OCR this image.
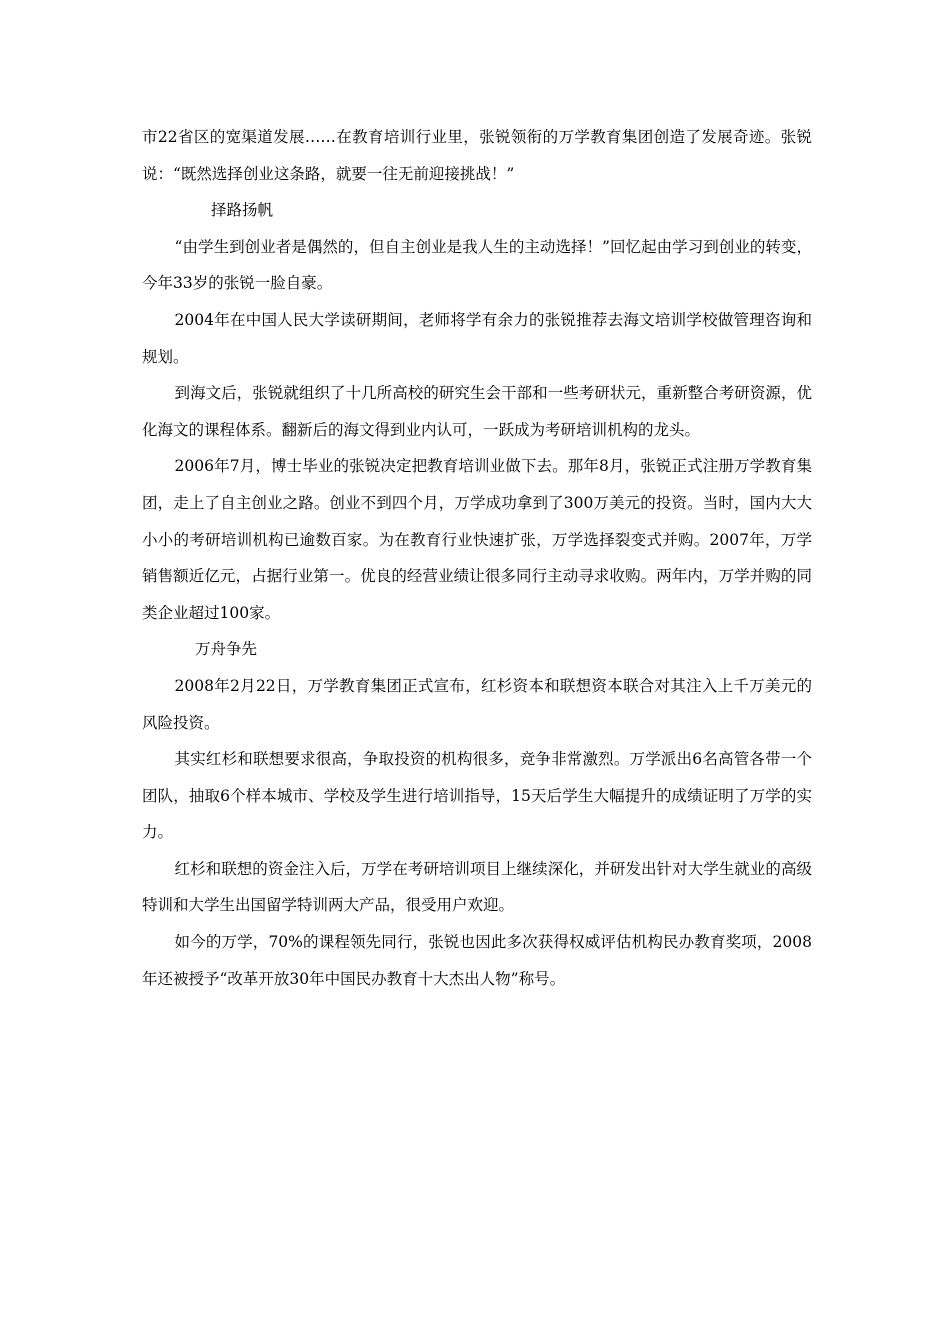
市22省区的宽渠道发展……在教育培训行业里，张锐领衔的万学教育集团创造了发展奇迹。张锐说：“既然选择创业这条路，就要一往无前迎接挑战！”

择路扬帆

“由学生到创业者是偶然的，但自主创业是我人生的主动选择！”回忆起由学习到创业的转变，今年33岁的张锐一脸自豪。

2004年在中国人民大学读研期间，老师将学有余力的张锐推荐去海文培训学校做管理咨询和规划。

到海文后，张锐就组织了十几所高校的研究生会干部和一些考研状元，重新整合考研资源，优化海文的课程体系。翻新后的海文得到业内认可，一跃成为考研培训机构的龙头。

2006年7月，博士毕业的张锐决定把教育培训业做下去。那年8月，张锐正式注册万学教育集团，走上了自主创业之路。创业不到四个月，万学成功拿到了300万美元的投资。当时，国内大大小小的考研培训机构已逾数百家。为在教育行业快速扩张，万学选择裂变式并购。2007年，万学销售额近亿元，占据行业第一。优良的经营业绩让很多同行主动寻求收购。两年内，万学并购的同类企业超过100家。

万舟争先

2008年2月22日，万学教育集团正式宣布，红杉资本和联想资本联合对其注入上千万美元的风险投资。

其实红杉和联想要求很高，争取投资的机构很多，竞争非常激烈。万学派出6名高管各带一个团队，抽取6个样本城市、学校及学生进行培训指导，15天后学生大幅提升的成绩证明了万学的实力。

红杉和联想的资金注入后，万学在考研培训项目上继续深化，并研发出针对大学生就业的高级特训和大学生出国留学特训两大产品，很受用户欢迎。

如今的万学，70%的课程领先同行，张锐也因此多次获得权威评估机构民办教育奖项，2008年还被授予“改革开放30年中国民办教育十大杰出人物”称号。
